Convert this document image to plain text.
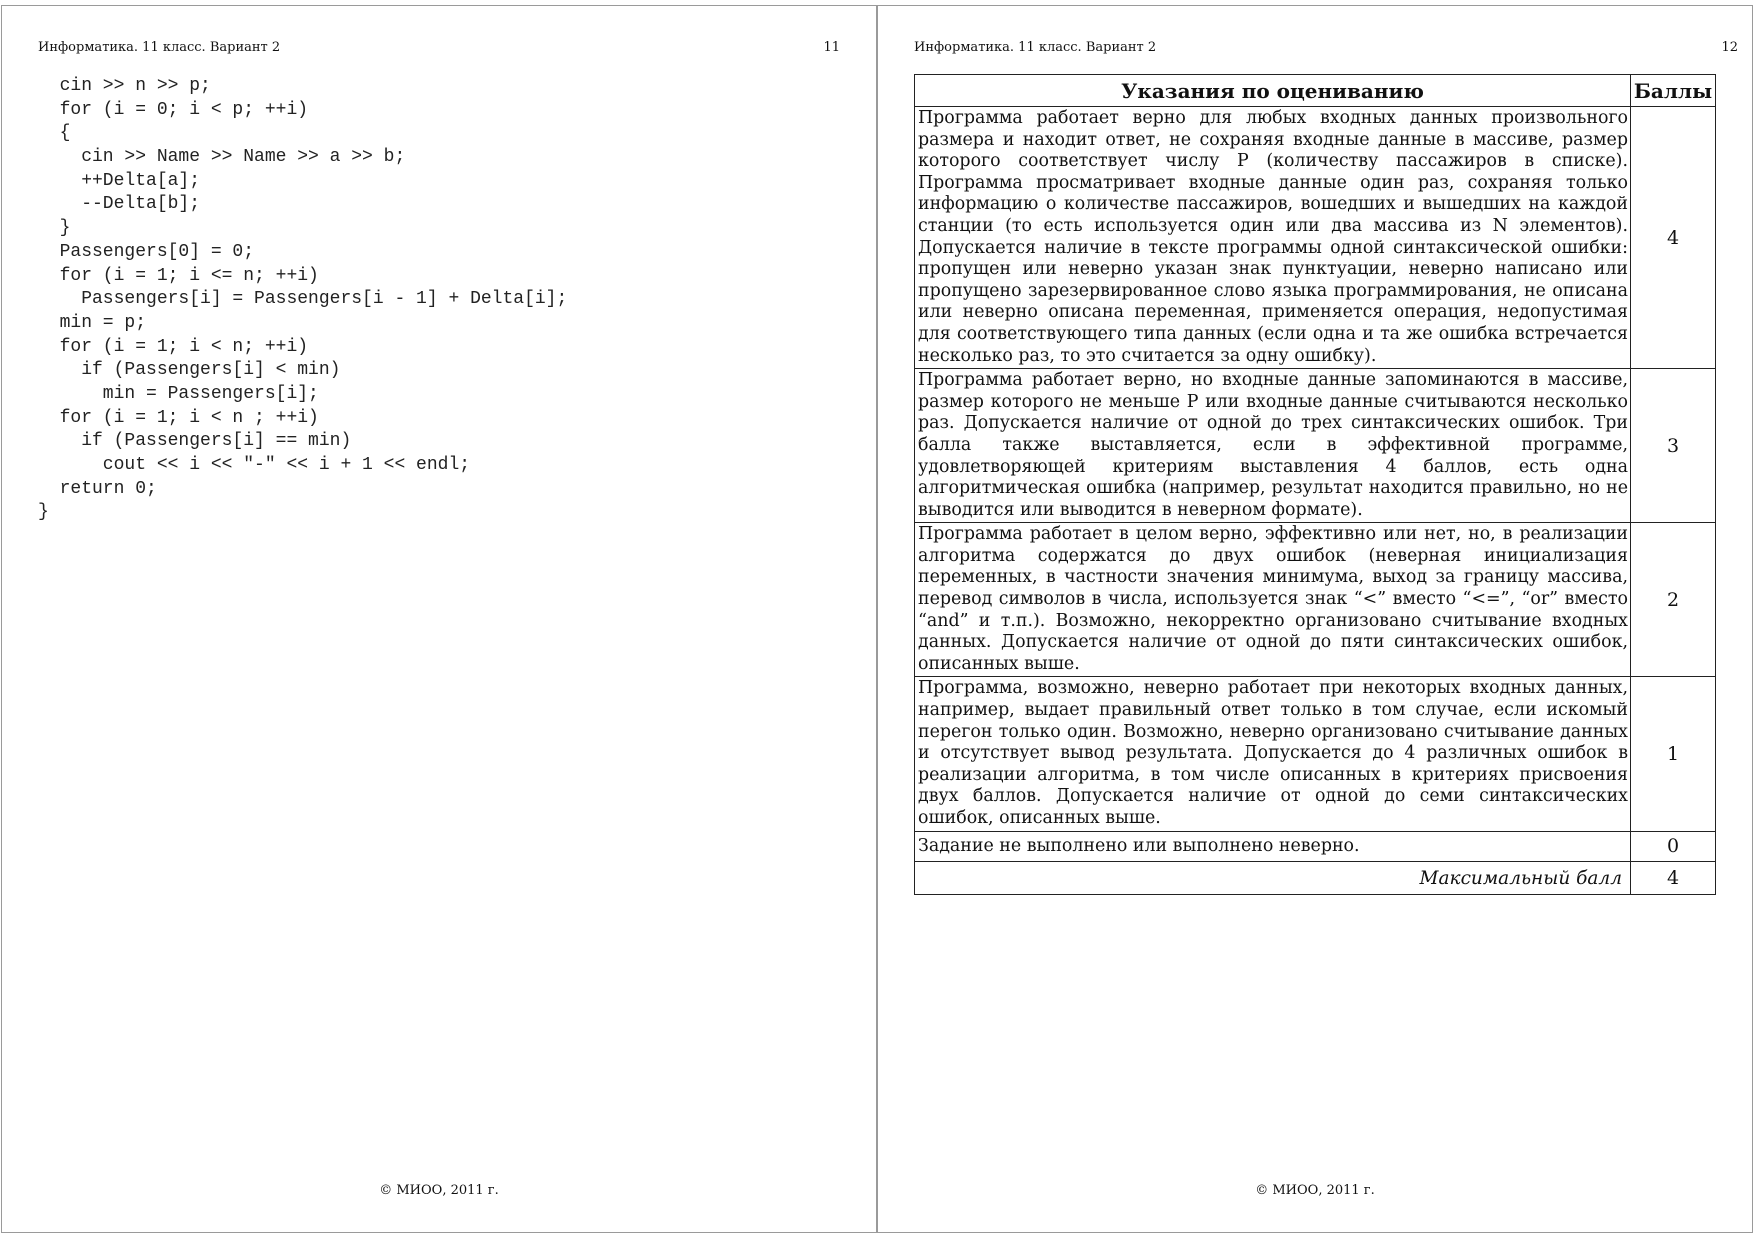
Информатика. 11 класс. Вариант 2	11
cin >> n >> p;
for (i = 0; i < p; ++i)
{
cin >> Name >> Name >> a >> b;
++Delta[a];
--Delta[b];
}
Passengers[0] = 0;
for (i = 1; i <= n; ++i)
Passengers[i] = Passengers[i - 1] + Delta[i];
min = p;
for (i = 1; i < n; ++i)
if (Passengers[i] < min)
min = Passengers[i];
for (i = 1; i < n ; ++i)
if (Passengers[i] == min)
cout << i << "-" << i + 1 << endl;
return 0;
}
© МИОО, 2011 г.
Информатика. 11 класс. Вариант 2	12
Указания по оцениванию	Баллы
Программа работает верно для любых входных данных произвольного размера и находит ответ, не сохраняя входные данные в массиве, размер которого соответствует числу P (количеству пассажиров в списке). Программа просматривает входные данные один раз, сохраняя только информацию о количестве пассажиров, вошедших и вышедших на каждой станции (то есть используется один или два массива из N элементов). Допускается наличие в тексте программы одной синтаксической ошибки: пропущен или неверно указан знак пунктуации, неверно написано или пропущено зарезервированное слово языка программирования, не описана или неверно описана переменная, применяется операция, недопустимая для соответствующего типа данных (если одна и та же ошибка встречается несколько раз, то это считается за одну ошибку).	4
Программа работает верно, но входные данные запоминаются в массиве, размер которого не меньше P или входные данные считываются несколько раз. Допускается наличие от одной до трех синтаксических ошибок. Три балла также выставляется, если в эффективной программе, удовлетворяющей критериям выставления 4 баллов, есть одна алгоритмическая ошибка (например, результат находится правильно, но не выводится или выводится в неверном формате).	3
Программа работает в целом верно, эффективно или нет, но, в реализации алгоритма содержатся до двух ошибок (неверная инициализация переменных, в частности значения минимума, выход за границу массива, перевод символов в числа, используется знак “<” вместо “<=”, “or” вместо “and” и т.п.). Возможно, некорректно организовано считывание входных данных. Допускается наличие от одной до пяти синтаксических ошибок, описанных выше.	2
Программа, возможно, неверно работает при некоторых входных данных, например, выдает правильный ответ только в том случае, если искомый перегон только один. Возможно, неверно организовано считывание данных и отсутствует вывод результата. Допускается до 4 различных ошибок в реализации алгоритма, в том числе описанных в критериях присвоения двух баллов. Допускается наличие от одной до семи синтаксических ошибок, описанных выше.	1
Задание не выполнено или выполнено неверно.	0
Максимальный балл	4
© МИОО, 2011 г.
